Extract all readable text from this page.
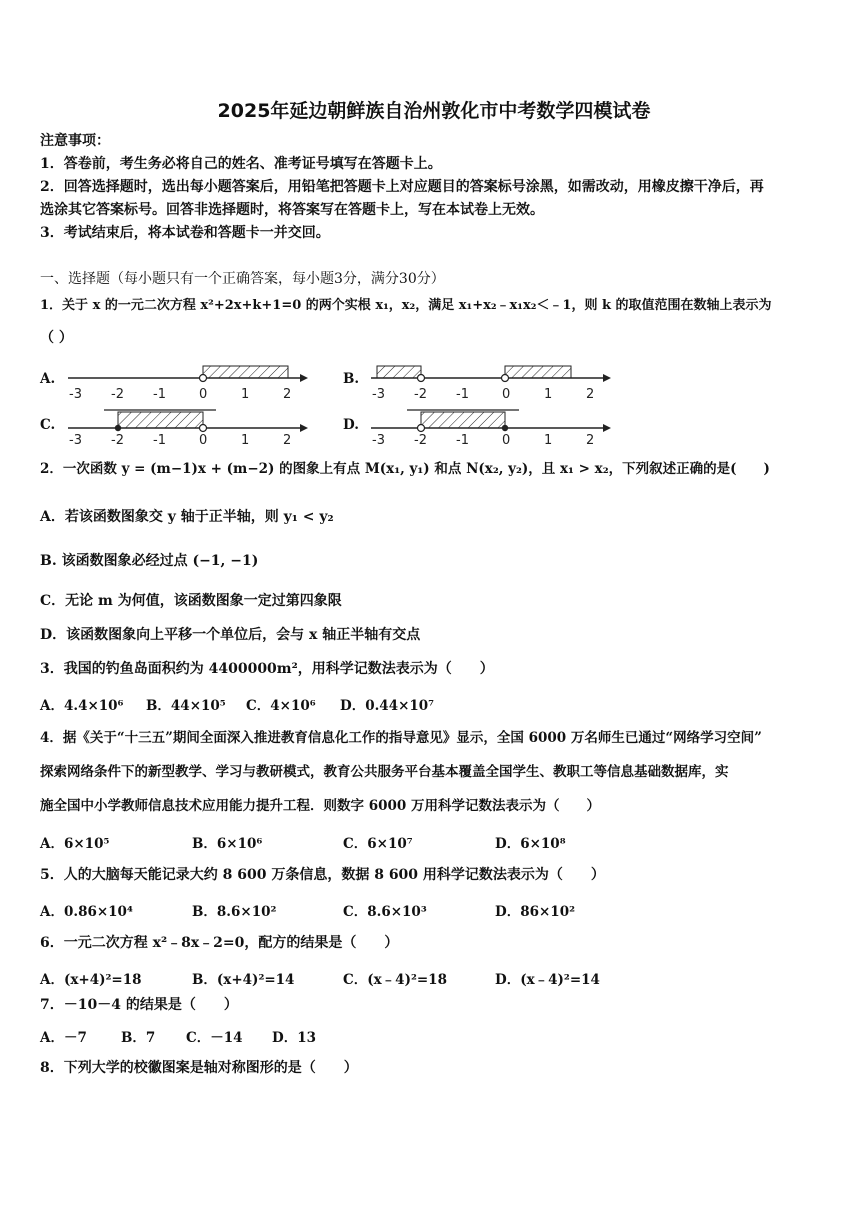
2025年延边朝鲜族自治州敦化市中考数学四模试卷
注意事项：
1．答卷前，考生务必将自己的姓名、准考证号填写在答题卡上。
2．回答选择题时，选出每小题答案后，用铅笔把答题卡上对应题目的答案标号涂黑，如需改动，用橡皮擦干净后，再
选涂其它答案标号。回答非选择题时，将答案写在答题卡上，写在本试卷上无效。
3．考试结束后，将本试卷和答题卡一并交回。
一、选择题（每小题只有一个正确答案，每小题3分，满分30分）
1．关于 x 的一元二次方程 x²+2x+k+1=0 的两个实根 x₁，x₂，满足 x₁+x₂﹣x₁x₂＜﹣1，则 k 的取值范围在数轴上表示为
（ ）
A.
-3 -2 -1	0	1	2
B.
-3 -2 -1	0	1	2
C.
-3 -2 -1	0	1	2
D.
-3 -2 -1	0	1	2
2．一次函数 y = (m−1)x + (m−2) 的图象上有点 M(x₁, y₁) 和点 N(x₂, y₂)，且 x₁ > x₂，下列叙述正确的是(　　)
A．若该函数图象交 y 轴于正半轴，则 y₁ < y₂
B. 该函数图象必经过点 (−1, −1)
C．无论 m 为何值，该函数图象一定过第四象限
D．该函数图象向上平移一个单位后，会与 x 轴正半轴有交点
3．我国的钓鱼岛面积约为 4400000m²，用科学记数法表示为（　　）
A．4.4×10⁶ B．44×10⁵ C．4×10⁶ D．0.44×10⁷
4．据《关于“十三五”期间全面深入推进教育信息化工作的指导意见》显示，全国 6000 万名师生已通过“网络学习空间”
探索网络条件下的新型教学、学习与教研模式，教育公共服务平台基本覆盖全国学生、教职工等信息基础数据库，实
施全国中小学教师信息技术应用能力提升工程．则数字 6000 万用科学记数法表示为（　　）
A．6×10⁵	B．6×10⁶	C．6×10⁷	D．6×10⁸
5．人的大脑每天能记录大约 8 600 万条信息，数据 8 600 用科学记数法表示为（　　）
A．0.86×10⁴	B．8.6×10²	C．8.6×10³	D．86×10²
6．一元二次方程 x²﹣8x﹣2=0，配方的结果是（　　）
A．(x+4)²=18	B．(x+4)²=14	C．(x﹣4)²=18	D．(x﹣4)²=14
7．－10－4 的结果是（　　）
A．－7	B．7 C．－14 D．13
8．下列大学的校徽图案是轴对称图形的是（　　）
